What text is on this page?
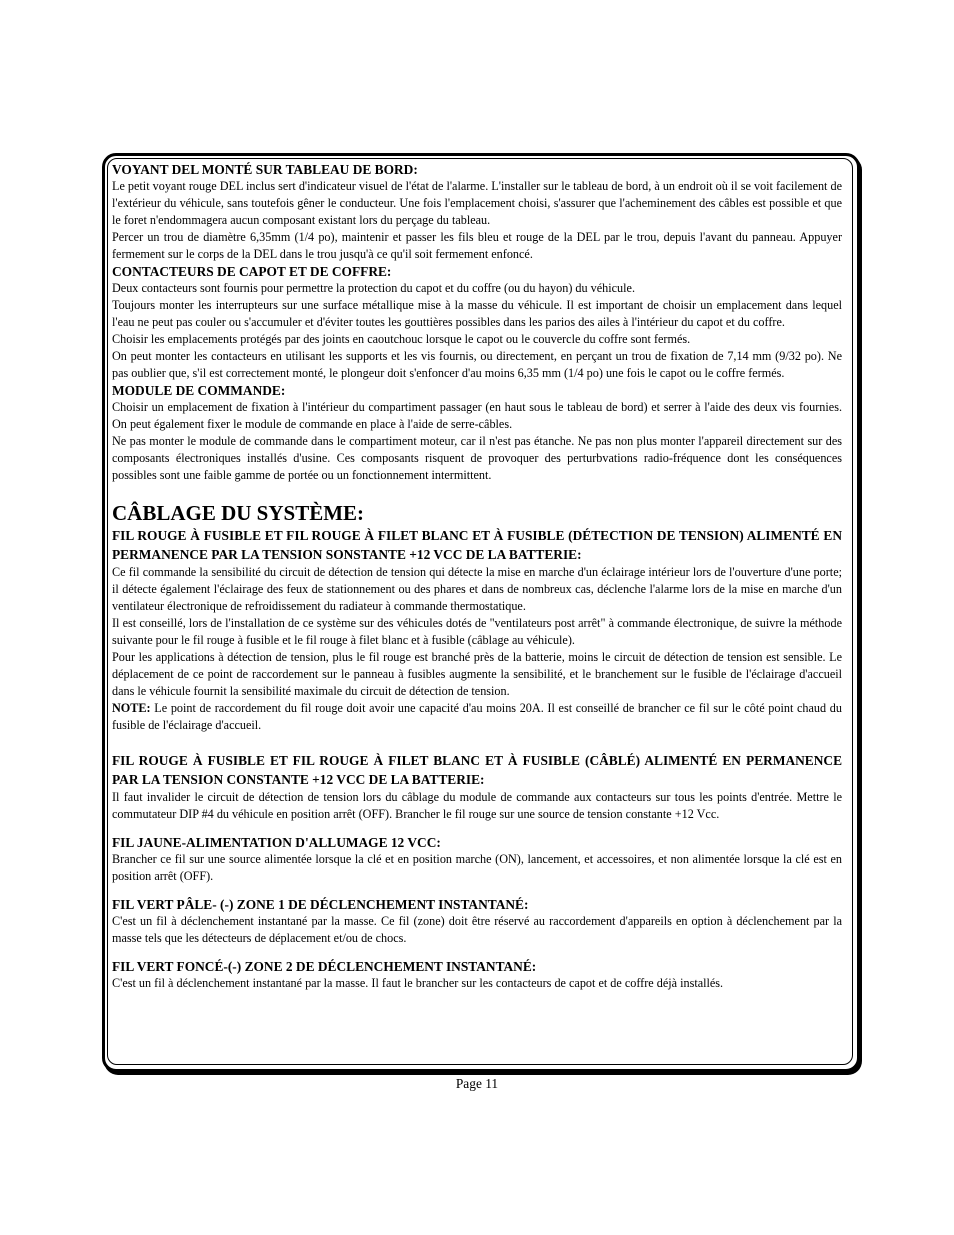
VOYANT DEL MONTÉ SUR TABLEAU DE BORD:

Le petit voyant rouge DEL inclus sert d'indicateur visuel de l'état de l'alarme. L'installer sur le tableau de bord, à un endroit où il se voit facilement de l'extérieur du véhicule, sans toutefois gêner le conducteur. Une fois l'emplacement choisi, s'assurer que l'acheminement des câbles est possible et que le foret n'endommagera aucun composant existant lors du perçage du tableau.

Percer un trou de diamètre 6,35mm (1/4 po), maintenir et passer les fils bleu et rouge de la DEL par le trou, depuis l'avant du panneau. Appuyer fermement sur le corps de la DEL dans le trou jusqu'à ce qu'il soit fermement enfoncé.

CONTACTEURS DE CAPOT ET DE COFFRE:

Deux contacteurs sont fournis pour permettre la protection du capot et du coffre (ou du hayon) du véhicule.

Toujours monter les interrupteurs sur une surface métallique mise à la masse du véhicule. Il est important de choisir un emplacement dans lequel l'eau ne peut pas couler ou s'accumuler et d'éviter toutes les gouttières possibles dans les parios des ailes à l'intérieur du capot et du coffre.

Choisir les emplacements protégés par des joints en caoutchouc lorsque le capot ou le couvercle du coffre sont fermés.

On peut monter les contacteurs en utilisant les supports et les vis fournis, ou directement, en perçant un trou de fixation de 7,14 mm (9/32 po). Ne pas oublier que, s'il est correctement monté, le plongeur doit s'enfoncer d'au moins 6,35 mm (1/4 po) une fois le capot ou le coffre fermés.

MODULE DE COMMANDE:

Choisir un emplacement de fixation à l'intérieur du compartiment passager (en haut sous le tableau de bord) et serrer à l'aide des deux vis fournies. On peut également fixer le module de commande en place à l'aide de serre-câbles.

Ne pas monter le module de commande dans le compartiment moteur, car il n'est pas étanche. Ne pas non plus monter l'appareil directement sur des composants électroniques installés d'usine. Ces composants risquent de provoquer des perturbvations radio-fréquence dont les conséquences possibles sont une faible gamme de portée ou un fonctionnement intermittent.

CÂBLAGE DU SYSTÈME:

FIL ROUGE À FUSIBLE ET FIL ROUGE À FILET BLANC ET À FUSIBLE (DÉTECTION DE TENSION) ALIMENTÉ EN PERMANENCE PAR LA TENSION SONSTANTE +12 VCC DE LA BATTERIE:

Ce fil commande la sensibilité du circuit de détection de tension qui détecte la mise en marche d'un éclairage intérieur lors de l'ouverture d'une porte; il détecte également l'éclairage des feux de stationnement ou des phares et dans de nombreux cas, déclenche l'alarme lors de la mise en marche d'un ventilateur électronique de refroidissement du radiateur à commande thermostatique.

Il est conseillé, lors de l'installation de ce système sur des véhicules dotés de "ventilateurs post arrêt" à commande électronique, de suivre la méthode suivante pour le fil rouge à fusible et le fil rouge à filet blanc et à fusible (câblage au véhicule).

Pour les applications à détection de tension, plus le fil rouge est branché près de la batterie, moins le circuit de détection de tension est sensible. Le déplacement de ce point de raccordement sur le panneau à fusibles augmente la sensibilité, et le branchement sur le fusible de l'éclairage d'accueil dans le véhicule fournit la sensibilité maximale du circuit de détection de tension.

NOTE: Le point de raccordement du fil rouge doit avoir une capacité d'au moins 20A. Il est conseillé de brancher ce fil sur le côté point chaud du fusible de l'éclairage d'accueil.

FIL ROUGE À FUSIBLE ET FIL ROUGE À FILET BLANC ET À FUSIBLE (CÂBLÉ) ALIMENTÉ EN PERMANENCE PAR LA TENSION CONSTANTE +12 VCC DE LA BATTERIE:

Il faut invalider le circuit de détection de tension lors du câblage du module de commande aux contacteurs sur tous les points d'entrée. Mettre le commutateur DIP #4 du véhicule en position arrêt (OFF). Brancher le fil rouge sur une source de tension constante +12 Vcc.

FIL JAUNE-ALIMENTATION D'ALLUMAGE 12 VCC:

Brancher ce fil sur une source alimentée lorsque la clé et en position marche (ON), lancement, et accessoires, et non alimentée lorsque la clé est en position arrêt (OFF).

FIL VERT PÂLE- (-) ZONE 1 DE DÉCLENCHEMENT INSTANTANÉ:

C'est un fil à déclenchement instantané par la masse. Ce fil (zone) doit être réservé au raccordement d'appareils en option à déclenchement par la masse tels que les détecteurs de déplacement et/ou de chocs.

FIL VERT FONCÉ-(-) ZONE 2 DE DÉCLENCHEMENT INSTANTANÉ:

C'est un fil à déclenchement instantané par la masse. Il faut le brancher sur les contacteurs de capot et de coffre déjà installés.

Page 11
